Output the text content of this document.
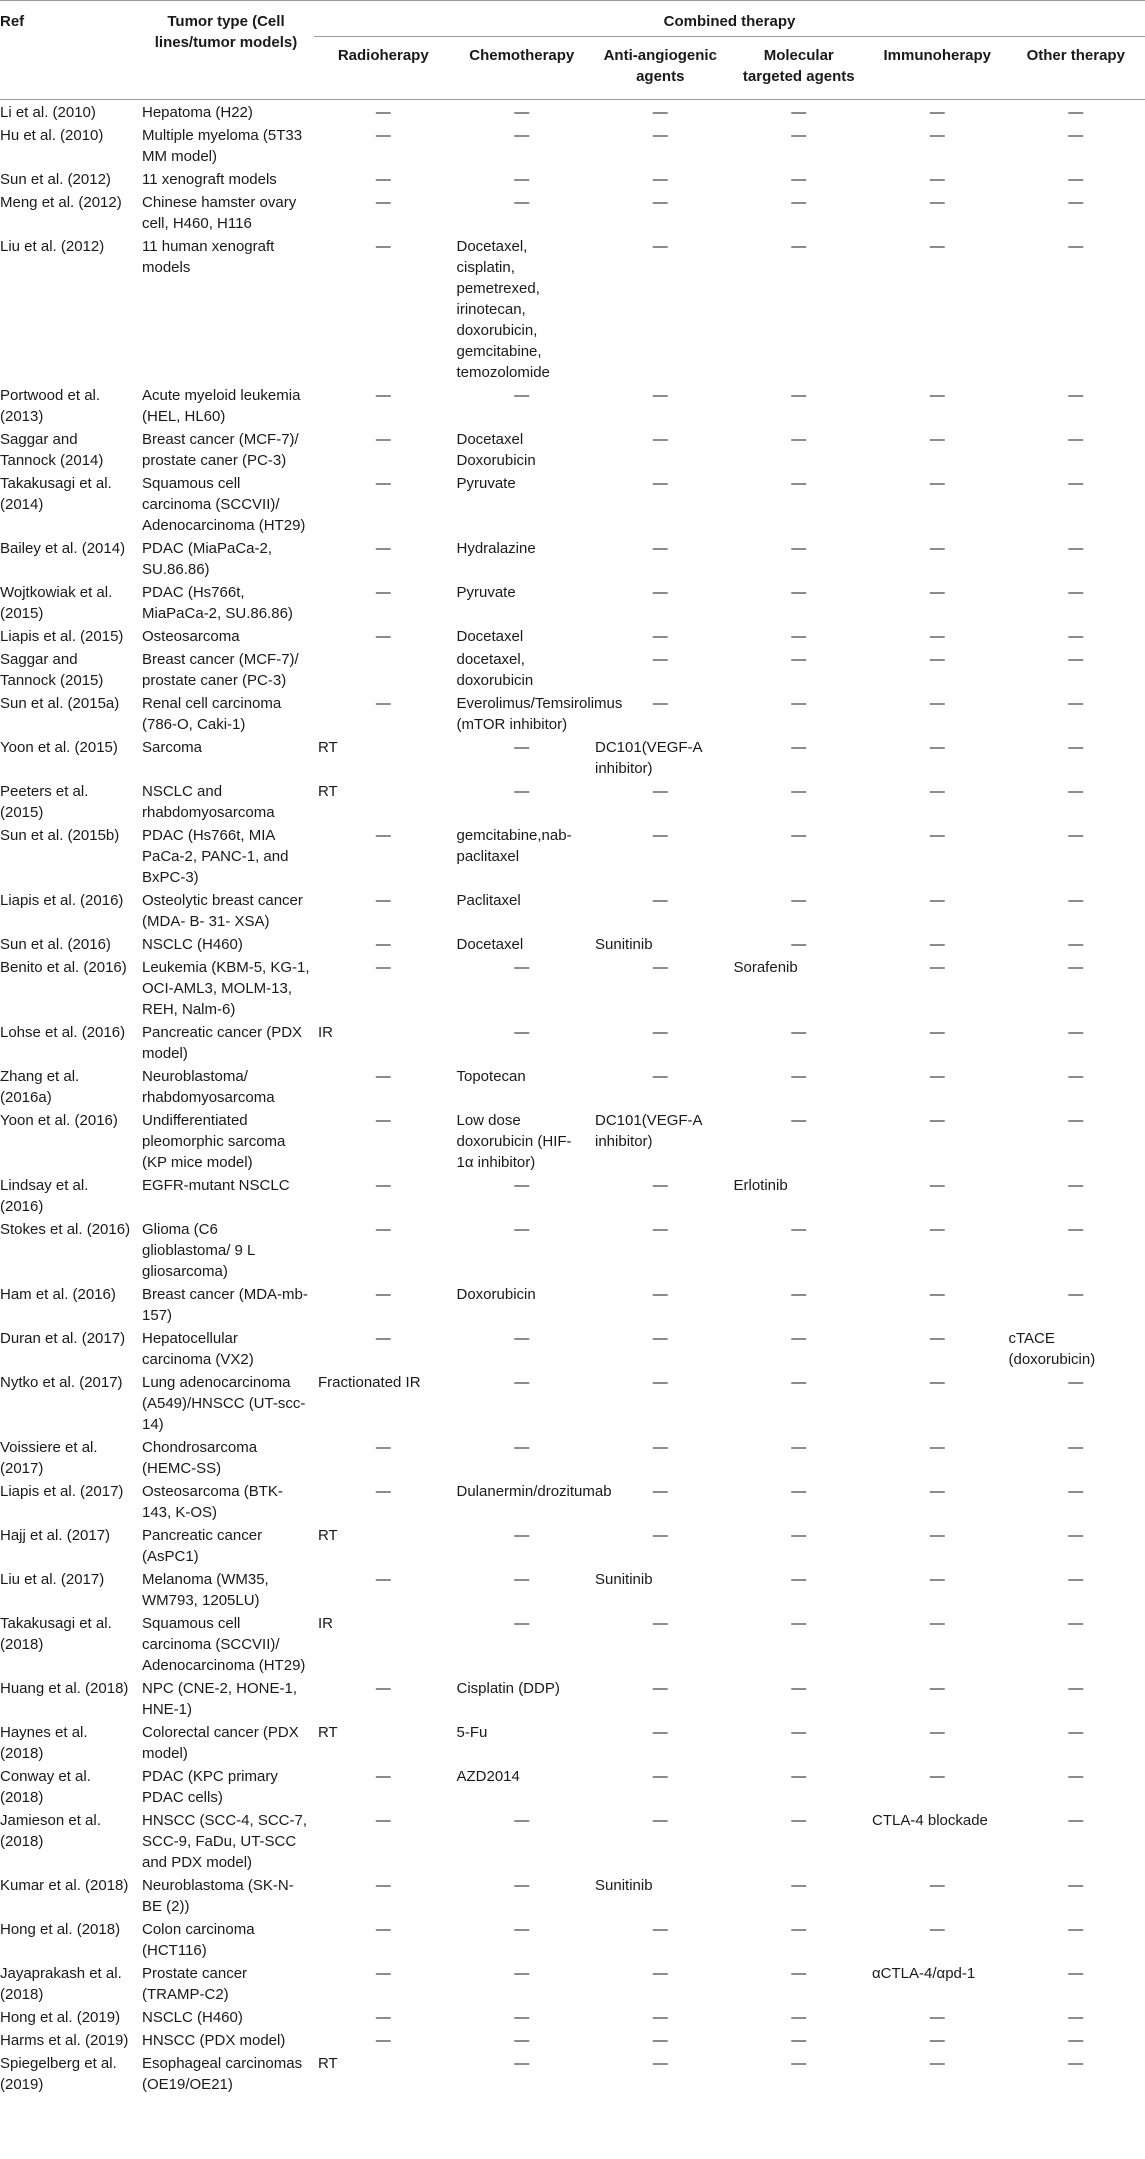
Ref	Tumor type (Cell lines/tumor models)	Combined therapy					
		Radioherapy	Chemotherapy	Anti-angiogenic agents	Molecular targeted agents	Immunoherapy	Other therapy
Li et al. (2010)	Hepatoma (H22)	—	—	—	—	—	—
Hu et al. (2010)	Multiple myeloma (5T33 MM model)	—	—	—	—	—	—
Sun et al. (2012)	11 xenograft models	—	—	—	—	—	—
Meng et al. (2012)	Chinese hamster ovary cell, H460, H116	—	—	—	—	—	—
Liu et al. (2012)	11 human xenograft models	—	Docetaxel, cisplatin, pemetrexed, irinotecan, doxorubicin, gemcitabine, temozolomide	—	—	—	—
Portwood et al. (2013)	Acute myeloid leukemia (HEL, HL60)	—	—	—	—	—	—
Saggar and Tannock (2014)	Breast cancer (MCF-7)/ prostate caner (PC-3)	—	Docetaxel Doxorubicin	—	—	—	—
Takakusagi et al. (2014)	Squamous cell carcinoma (SCCVII)/ Adenocarcinoma (HT29)	—	Pyruvate	—	—	—	—
Bailey et al. (2014)	PDAC (MiaPaCa-2, SU.86.86)	—	Hydralazine	—	—	—	—
Wojtkowiak et al. (2015)	PDAC (Hs766t, MiaPaCa-2, SU.86.86)	—	Pyruvate	—	—	—	—
Liapis et al. (2015)	Osteosarcoma	—	Docetaxel	—	—	—	—
Saggar and Tannock (2015)	Breast cancer (MCF-7)/ prostate caner (PC-3)		docetaxel, doxorubicin	—	—	—	—
Sun et al. (2015a)	Renal cell carcinoma (786-O, Caki-1)	—	Everolimus/Temsirolimus (mTOR inhibitor)	—	—	—	—
Yoon et al. (2015)	Sarcoma	RT	—	DC101(VEGF-A inhibitor)	—	—	—
Peeters et al. (2015)	NSCLC and rhabdomyosarcoma	RT	—	—	—	—	—
Sun et al. (2015b)	PDAC (Hs766t, MIA PaCa-2, PANC-1, and BxPC-3)	—	gemcitabine,nab-paclitaxel	—	—	—	—
Liapis et al. (2016)	Osteolytic breast cancer (MDA- B- 31- XSA)	—	Paclitaxel	—	—	—	—
Sun et al. (2016)	NSCLC (H460)	—	Docetaxel	Sunitinib	—	—	—
Benito et al. (2016)	Leukemia (KBM-5, KG-1, OCI-AML3, MOLM-13, REH, Nalm-6)	—	—	—	Sorafenib	—	—
Lohse et al. (2016)	Pancreatic cancer (PDX model)	IR	—	—	—	—	—
Zhang et al. (2016a)	Neuroblastoma/ rhabdomyosarcoma	—	Topotecan	—	—	—	—
Yoon et al. (2016)	Undifferentiated pleomorphic sarcoma (KP mice model)	—	Low dose doxorubicin (HIF-1α inhibitor)	DC101(VEGF-A inhibitor)	—	—	—
Lindsay et al. (2016)	EGFR-mutant NSCLC	—	—	—	Erlotinib	—	—
Stokes et al. (2016)	Glioma (C6 glioblastoma/ 9 L gliosarcoma)	—	—	—	—	—	—
Ham et al. (2016)	Breast cancer (MDA-mb-157)	—	Doxorubicin	—	—	—	—
Duran et al. (2017)	Hepatocellular carcinoma (VX2)	—	—	—	—	—	cTACE (doxorubicin)
Nytko et al. (2017)	Lung adenocarcinoma (A549)/HNSCC (UT-scc-14)	Fractionated IR	—	—	—	—	—
Voissiere et al. (2017)	Chondrosarcoma (HEMC-SS)	—	—	—	—	—	—
Liapis et al. (2017)	Osteosarcoma (BTK-143, K-OS)	—	Dulanermin/drozitumab	—	—	—	—
Hajj et al. (2017)	Pancreatic cancer (AsPC1)	RT	—	—	—	—	—
Liu et al. (2017)	Melanoma (WM35, WM793, 1205LU)	—	—	Sunitinib	—	—	—
Takakusagi et al. (2018)	Squamous cell carcinoma (SCCVII)/ Adenocarcinoma (HT29)	IR	—	—	—	—	—
Huang et al. (2018)	NPC (CNE-2, HONE-1, HNE-1)	—	Cisplatin (DDP)	—	—	—	—
Haynes et al. (2018)	Colorectal cancer (PDX model)	RT	5-Fu	—	—	—	—
Conway et al. (2018)	PDAC (KPC primary PDAC cells)	—	AZD2014	—	—	—	—
Jamieson et al. (2018)	HNSCC (SCC-4, SCC-7, SCC-9, FaDu, UT-SCC and PDX model)	—	—	—	—	CTLA-4 blockade	—
Kumar et al. (2018)	Neuroblastoma (SK-N-BE (2))	—	—	Sunitinib	—	—	—
Hong et al. (2018)	Colon carcinoma (HCT116)	—	—	—	—	—	—
Jayaprakash et al. (2018)	Prostate cancer (TRAMP-C2)	—	—	—	—	αCTLA-4/αpd-1	—
Hong et al. (2019)	NSCLC (H460)	—	—	—	—	—	—
Harms et al. (2019)	HNSCC (PDX model)	—	—	—	—	—	—
Spiegelberg et al. (2019)	Esophageal carcinomas (OE19/OE21)	RT	—	—	—	—	—
